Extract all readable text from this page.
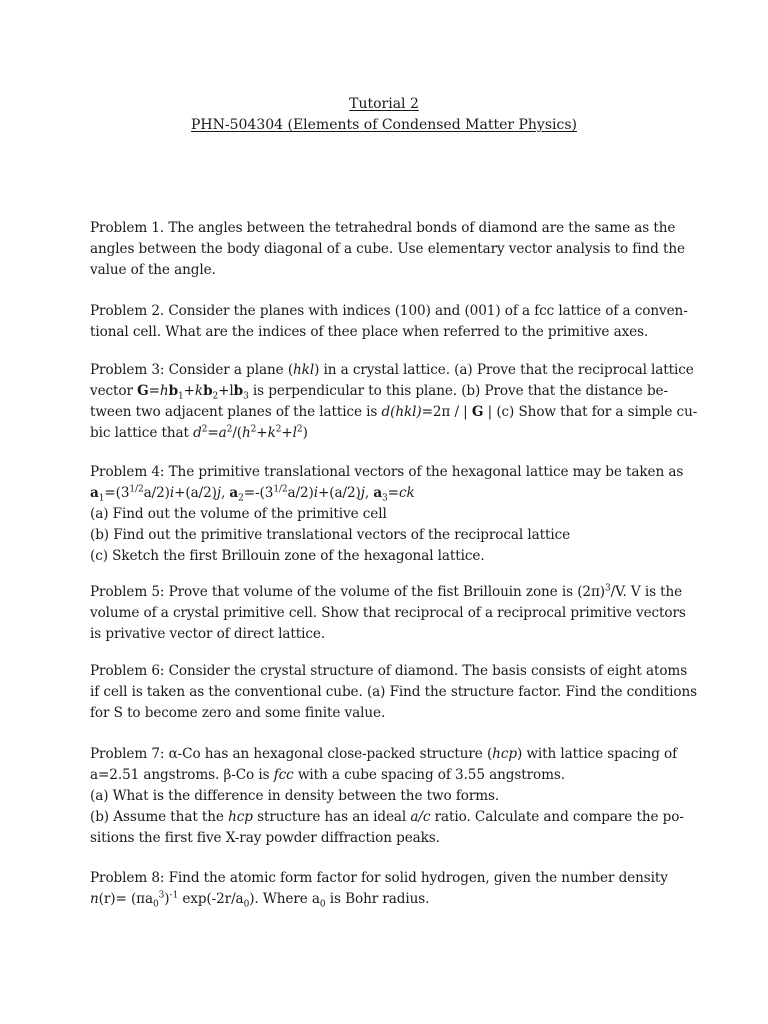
Tutorial 2
PHN-504304 (Elements of Condensed Matter Physics)
Problem 1. The angles between the tetrahedral bonds of diamond are the same as the
angles between the body diagonal of a cube. Use elementary vector analysis to find the
value of the angle.
Problem 2. Consider the planes with indices (100) and (001) of a fcc lattice of a conven-
tional cell. What are the indices of thee place when referred to the primitive axes.
Problem 3: Consider a plane (hkl) in a crystal lattice. (a) Prove that the reciprocal lattice
vector $G=hb_1+kb_2+lb_3$ is perpendicular to this plane. (b) Prove that the distance be-
tween two adjacent planes of the lattice is d(hkl)=2π / | G | (c) Show that for a simple cu-
bic lattice that $d^2=a^2/(h^2+k^2+l^2)$
Problem 4: The primitive translational vectors of the hexagonal lattice may be taken as
$a_1=(3^{1/2}a/2)i+(a/2)j$, $a_2=-(3^{1/2}a/2)i+(a/2)j$, $a_3=ck$
(a) Find out the volume of the primitive cell
(b) Find out the primitive translational vectors of the reciprocal lattice
(c) Sketch the first Brillouin zone of the hexagonal lattice.
Problem 5: Prove that volume of the volume of the fist Brillouin zone is $(2\pi)^3/V$. V is the
volume of a crystal primitive cell. Show that reciprocal of a reciprocal primitive vectors
is privative vector of direct lattice.
Problem 6: Consider the crystal structure of diamond. The basis consists of eight atoms
if cell is taken as the conventional cube. (a) Find the structure factor. Find the conditions
for S to become zero and some finite value.
Problem 7: α-Co has an hexagonal close-packed structure (hcp) with lattice spacing of
a=2.51 angstroms. β-Co is fcc with a cube spacing of 3.55 angstroms.
(a) What is the difference in density between the two forms.
(b) Assume that the hcp structure has an ideal a/c ratio. Calculate and compare the po-
sitions the first five X-ray powder diffraction peaks.
Problem 8: Find the atomic form factor for solid hydrogen, given the number density
$n(r)= (\pi a_0^3)^{-1}$ $\exp(-2r/a_0)$. Where $a_0$ is Bohr radius.
